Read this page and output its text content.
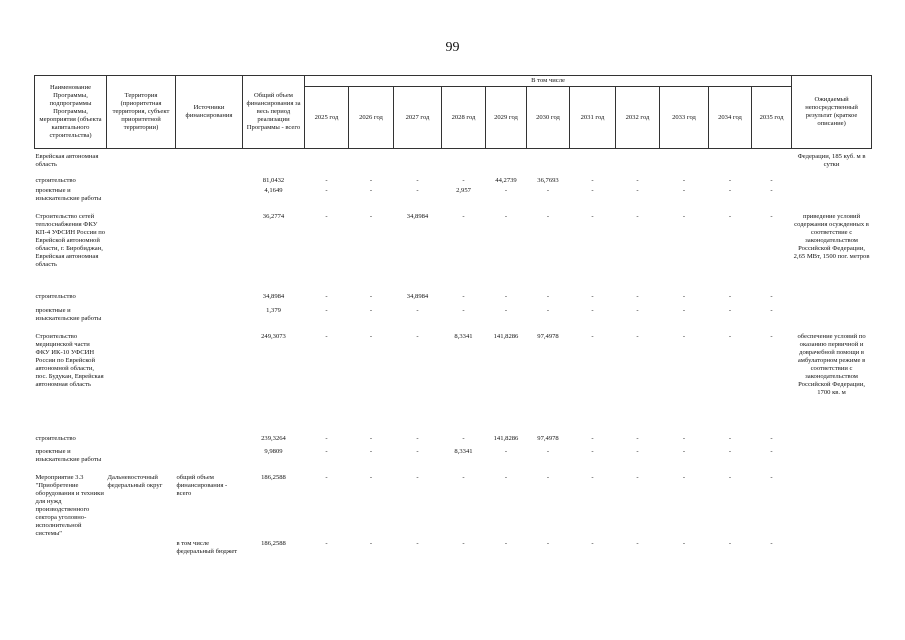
99
Наименование Программы, подпрограммы Программы, мероприятия (объекта капитального строительства)	Территория (приоритетная территория, субъект приоритетной территории)	Источники финансирования	Общий объем финансирования за весь период реализации Программы - всего	В том числе											Ожидаемый непосредственный результат (краткое описание)
				2025 год	2026 год	2027 год	2028 год	2029 год	2030 год	2031 год	2032 год	2033 год	2034 год	2035 год	

Еврейская автономная область															Федерации, 185 куб. м в сутки
строительство			81,0432	-	-	-	-	44,2739	36,7693	-	-	-	-	-	
проектные и изыскательские работы			4,1649	-	-	-	2,957	-	-	-	-	-	-	-	
Строительство сетей теплоснабжения ФКУ КП-4 УФСИН России по Еврейской автономной области, г. Биробиджан, Еврейская автономная область			36,2774	-	-	34,8984	-	-	-	-	-	-	-	-	приведение условий содержания осужденных в соответствие с законодательством Российской Федерации, 2,65 МВт, 1500 пог. метров
строительство			34,8984	-	-	34,8984	-	-	-	-	-	-	-	-	
проектные и изыскательские работы			1,379	-	-	-	-	-	-	-	-	-	-	-	
Строительство медицинской части ФКУ ИК-10 УФСИН России по Еврейской автономной области, пос. Будукан, Еврейская автономная область			249,3073	-	-	-	8,3341	141,8286	97,4978	-	-	-	-	-	обеспечение условий по оказанию первичной и доврачебной помощи в амбулаторном режиме в соответствии с законодательством Российской Федерации, 1700 кв. м
строительство			239,3264	-	-	-	-	141,8286	97,4978	-	-	-	-	-	
проектные и изыскательские работы			9,9809	-	-	-	8,3341	-	-	-	-	-	-	-	
Мероприятие 3.3 "Приобретение оборудования и техники для нужд производственного сектора уголовно-исполнительной системы"	Дальневосточный федеральный округ	общий объем финансирования - всего	186,2588	-	-	-	-	-	-	-	-	-	-	-	
		в том числе федеральный бюджет	186,2588	-	-	-	-	-	-	-	-	-	-	-	
